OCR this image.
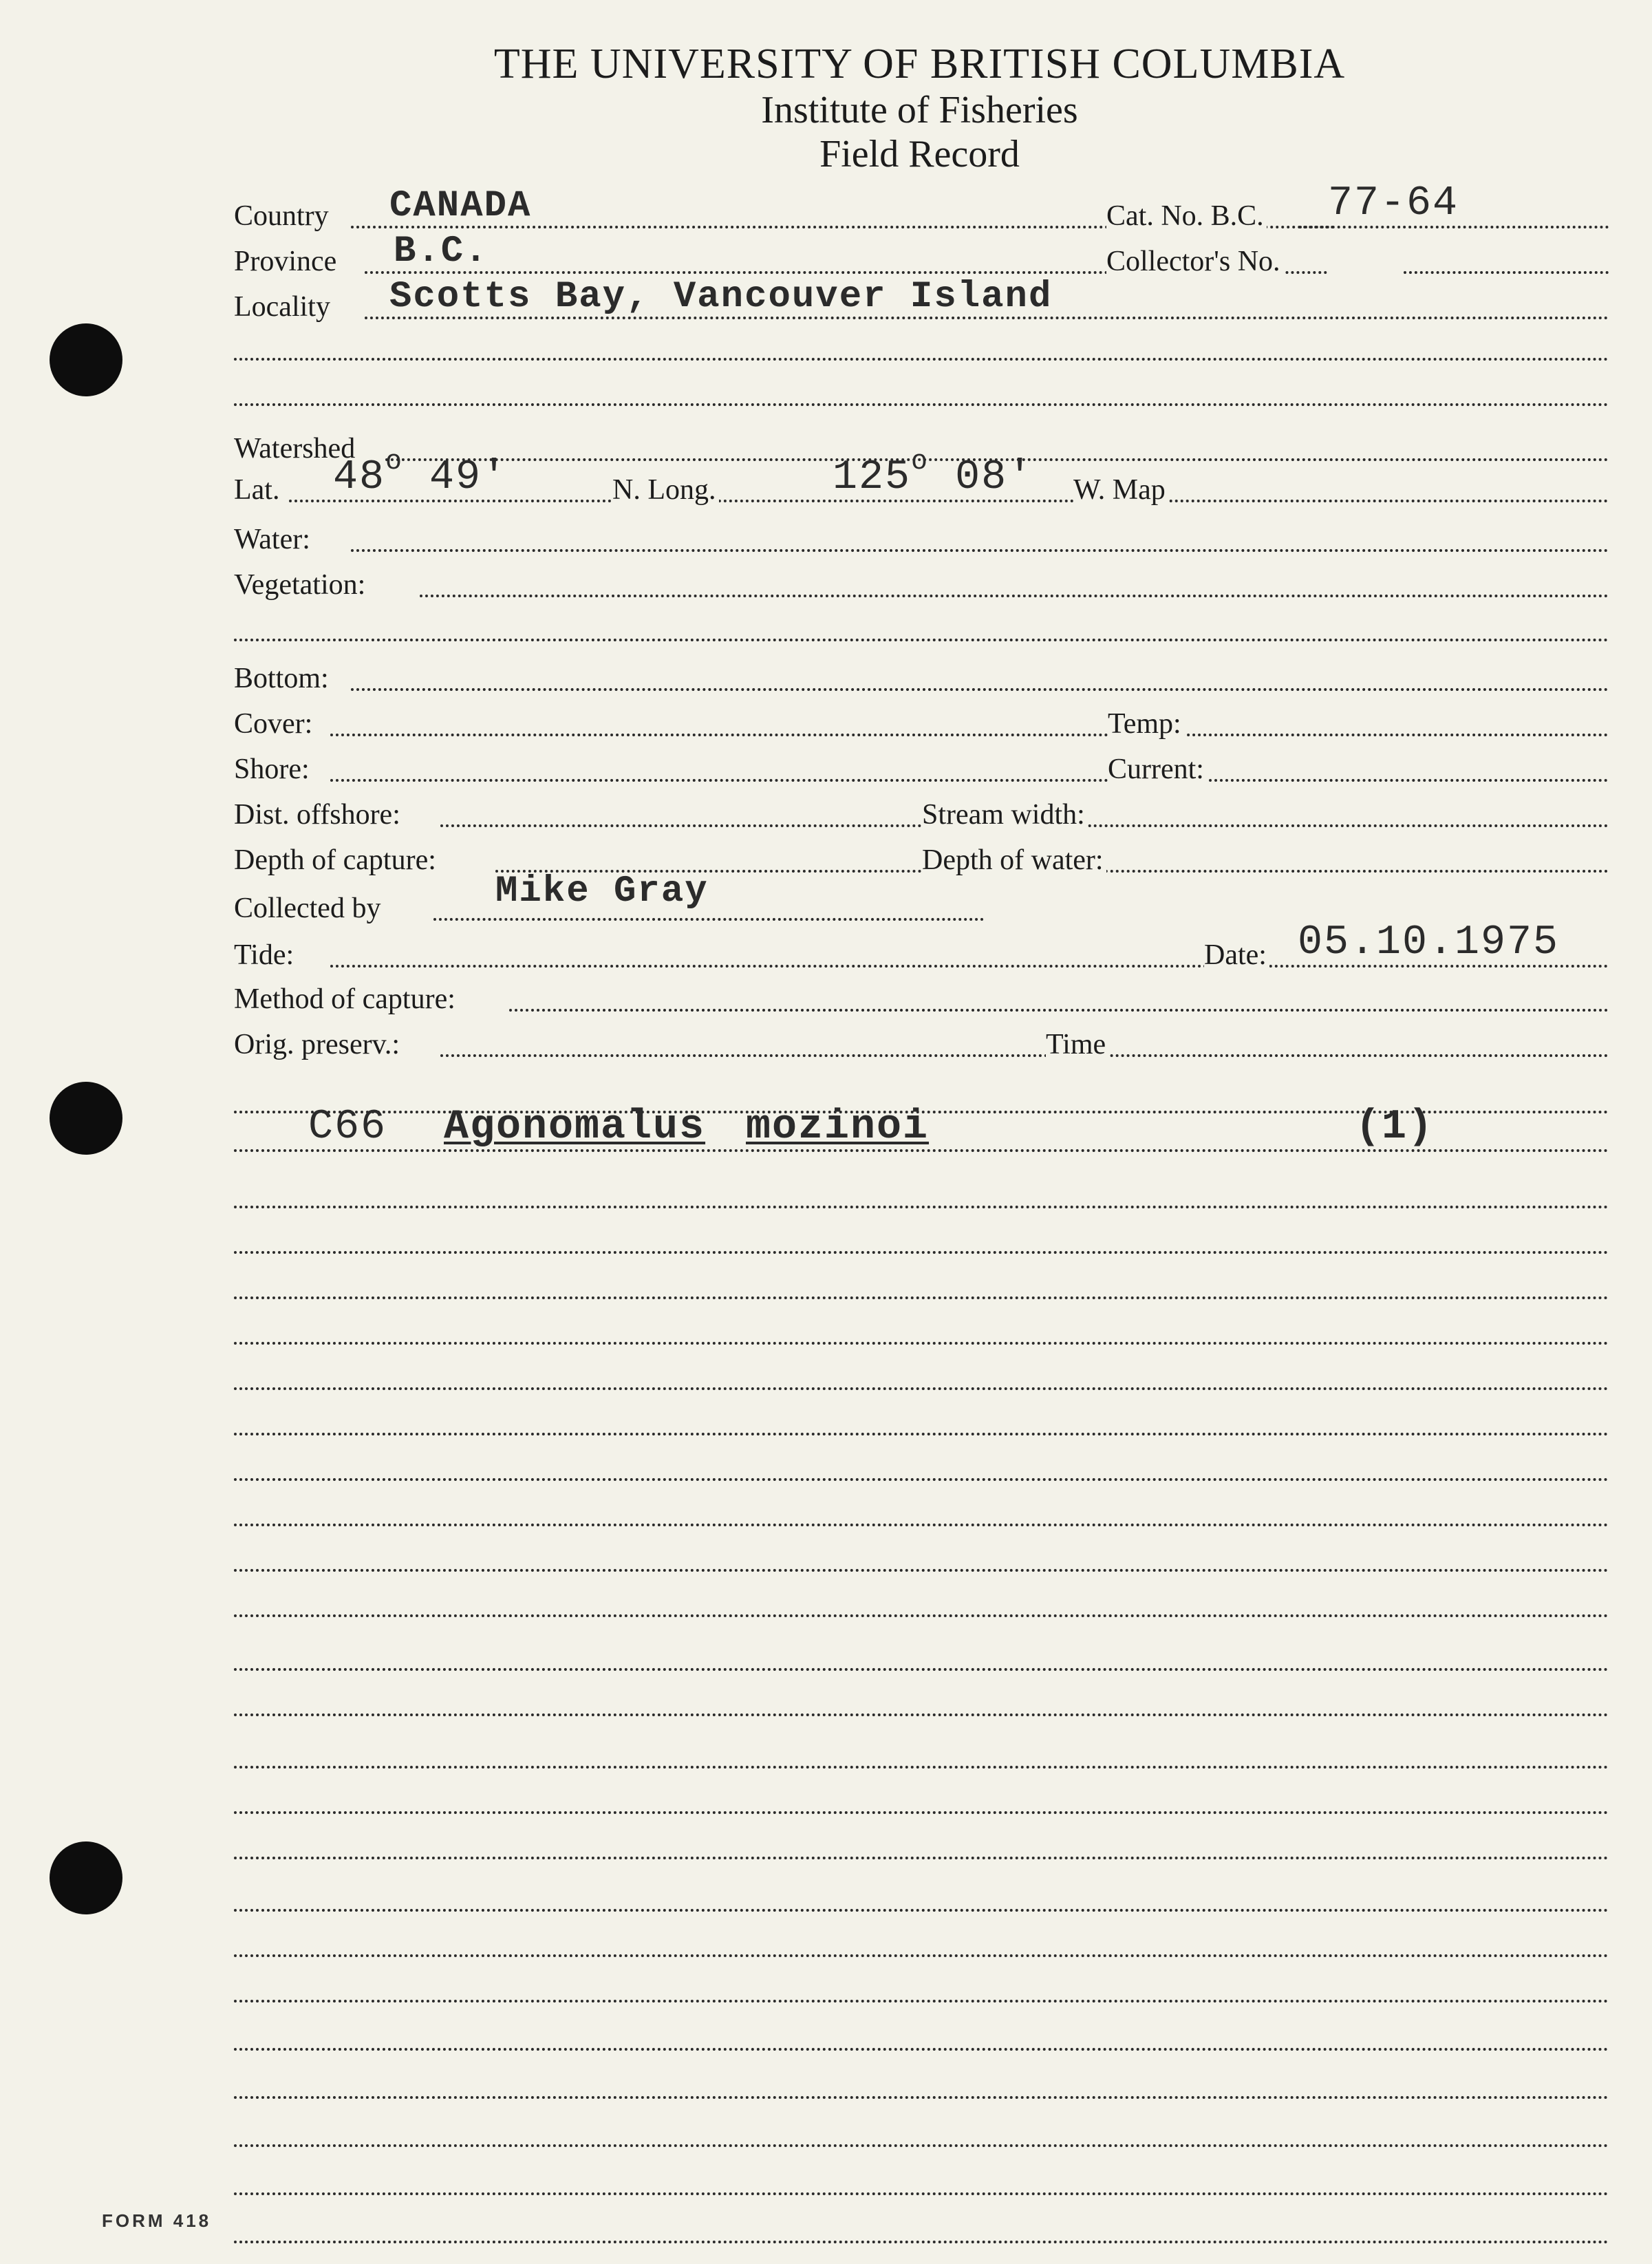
THE UNIVERSITY OF BRITISH COLUMBIA
Institute of Fisheries
Field Record
Country CANADA	Cat. No. B.C. 77-64
Province B.C.	Collector's No.
Locality Scotts Bay, Vancouver Island
Watershed
Lat. 48$^o$ 49'	N. Long.	125$^o$ 08' W. Map
Water:
Vegetation:
Bottom:
Cover:	Temp:
Shore:	Current:
Dist. offshore:	Stream width:
Depth of capture:	Depth of water:
Collected by	Mike Gray
Tide:	Date: 05.10.1975
Method of capture:
Orig. preserv.:	Time
C66 Agonomalus mozinoi	(1)
FORM 418
